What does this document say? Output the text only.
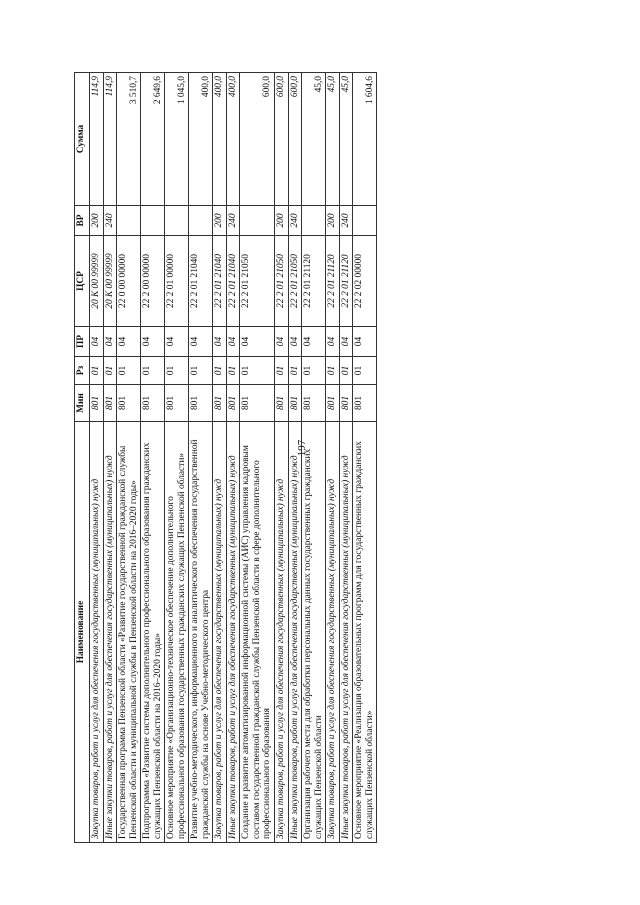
197
Наименование	Мин	Рз	ПР	ЦСР	ВР	Сумма
Закупка товаров, работ и услуг для обеспечения государственных (муниципальных) нужд	801	01	04	20 К 00 99999	200	114,9
Иные закупки товаров, работ и услуг для обеспечения государственных (муниципальных) нужд	801	01	04	20 К 00 99999	240	114,9
Государственная программа Пензенской области «Развитие государственной гражданской службы Пензенской области и муниципальной службы в Пензенской области на 2016–2020 годы»	801	01	04	22 0 00 00000		3 510,7
Подпрограмма «Развитие системы дополнительного профессионального образования гражданских служащих Пензенской области на 2016–2020 годы»	801	01	04	22 2 00 00000		2 649,6
Основное мероприятие «Организационно-техническое обеспечение дополнительного профессионального образования государственных гражданских служащих Пензенской области»	801	01	04	22 2 01 00000		1 045,0
Развитие учебно-методического, информационного и аналитического обеспечения государственной гражданской службы на основе Учебно-методического центра	801	01	04	22 2 01 21040		400,0
Закупка товаров, работ и услуг для обеспечения государственных (муниципальных) нужд	801	01	04	22 2 01 21040	200	400,0
Иные закупки товаров, работ и услуг для обеспечения государственных (муниципальных) нужд	801	01	04	22 2 01 21040	240	400,0
Создание и развитие автоматизированной информационной системы (АИС) управления кадровым составом государственной гражданской службы Пензенской области в сфере дополнительного профессионального образования	801	01	04	22 2 01 21050		600,0
Закупка товаров, работ и услуг для обеспечения государственных (муниципальных) нужд	801	01	04	22 2 01 21050	200	600,0
Иные закупки товаров, работ и услуг для обеспечения государственных (муниципальных) нужд	801	01	04	22 2 01 21050	240	600,0
Организация рабочего места для обработки персональных данных государственных гражданских служащих Пензенской области	801	01	04	22 2 01 21120		45,0
Закупка товаров, работ и услуг для обеспечения государственных (муниципальных) нужд	801	01	04	22 2 01 21120	200	45,0
Иные закупки товаров, работ и услуг для обеспечения государственных (муниципальных) нужд	801	01	04	22 2 01 21120	240	45,0
Основное мероприятие «Реализация образовательных программ для государственных гражданских служащих Пензенской области»	801	01	04	22 2 02 00000		1 604,6
